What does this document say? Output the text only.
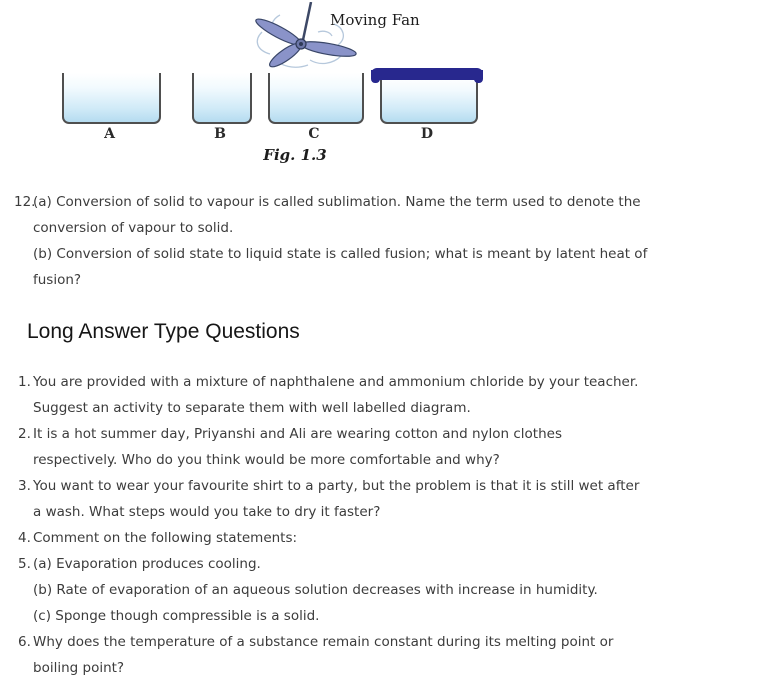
Moving Fan
A	B	C	D
Fig. 1.3
12.
(a) Conversion of solid to vapour is called sublimation. Name the term used to denote the
conversion of vapour to solid.
(b) Conversion of solid state to liquid state is called fusion; what is meant by latent heat of
fusion?
Long Answer Type Questions
1. You are provided with a mixture of naphthalene and ammonium chloride by your teacher.
Suggest an activity to separate them with well labelled diagram.
2. It is a hot summer day, Priyanshi and Ali are wearing cotton and nylon clothes
respectively. Who do you think would be more comfortable and why?
3. You want to wear your favourite shirt to a party, but the problem is that it is still wet after
a wash. What steps would you take to dry it faster?
4. Comment on the following statements:
5. (a) Evaporation produces cooling.
(b) Rate of evaporation of an aqueous solution decreases with increase in humidity.
(c) Sponge though compressible is a solid.
6. Why does the temperature of a substance remain constant during its melting point or
boiling point?
